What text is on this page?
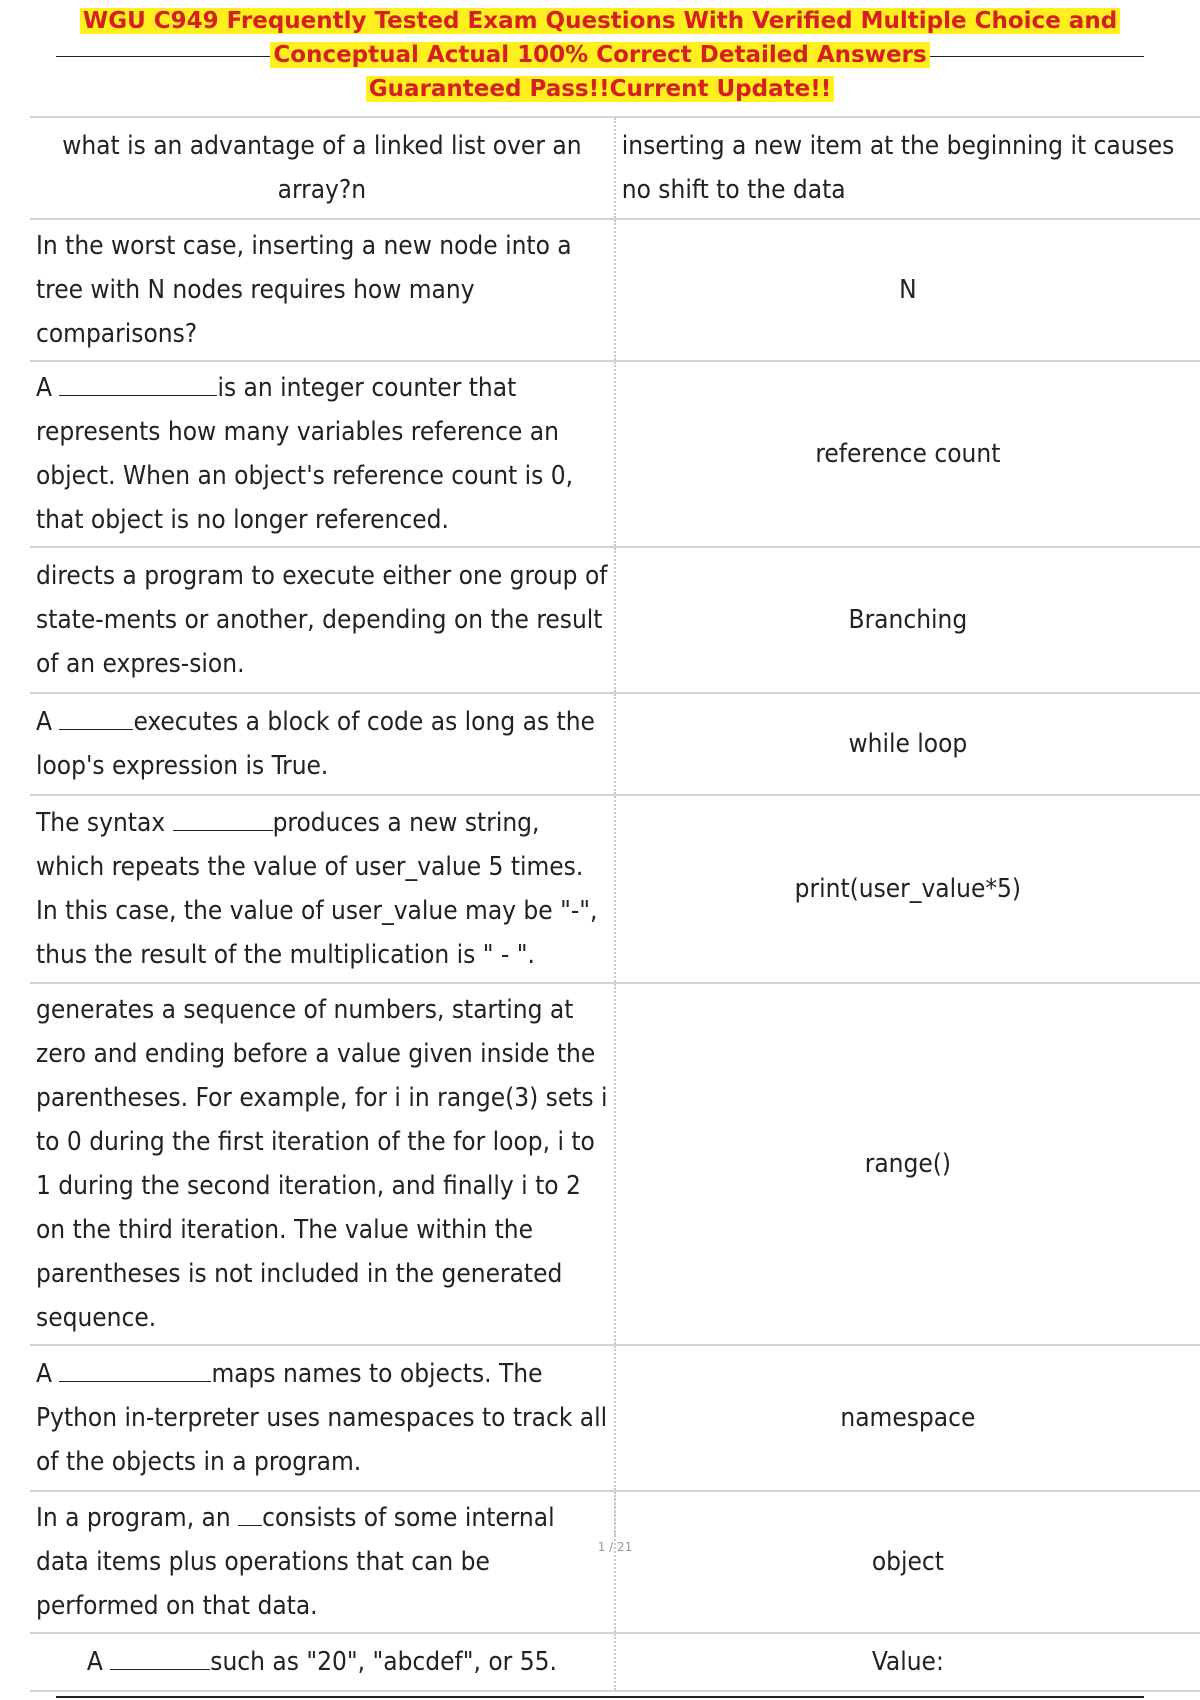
WGU C949 Frequently Tested Exam Questions With Verified Multiple Choice and
Conceptual Actual 100% Correct Detailed Answers
Guaranteed Pass!!Current Update!!
what is an advantage of a linked list over an array?n	inserting a new item at the beginning it causes no shift to the data
In the worst case, inserting a new node into a tree with N nodes requires how many comparisons?	N
A is an integer counter that represents how many variables reference an object. When an object's reference count is 0, that object is no longer referenced.	reference count
directs a program to execute either one group of state-ments or another, depending on the result of an expres-sion.	Branching
A executes a block of code as long as the loop's expression is True.	while loop
The syntax produces a new string, which repeats the value of user_value 5 times. In this case, the value of user_value may be "-", thus the result of the multiplication is " - ".	print(user_value*5)
generates a sequence of numbers, starting at zero and ending before a value given inside the parentheses. For example, for i in range(3) sets i to 0 during the first iteration of the for loop, i to 1 during the second iteration, and finally i to 2 on the third iteration. The value within the parentheses is not included in the generated sequence.	range()
A maps names to objects. The Python in-terpreter uses namespaces to track all of the objects in a program.	namespace
In a program, an consists of some internal data items plus operations that can be performed on that data.	object
A such as "20", "abcdef", or 55.	Value:
1 / 21
